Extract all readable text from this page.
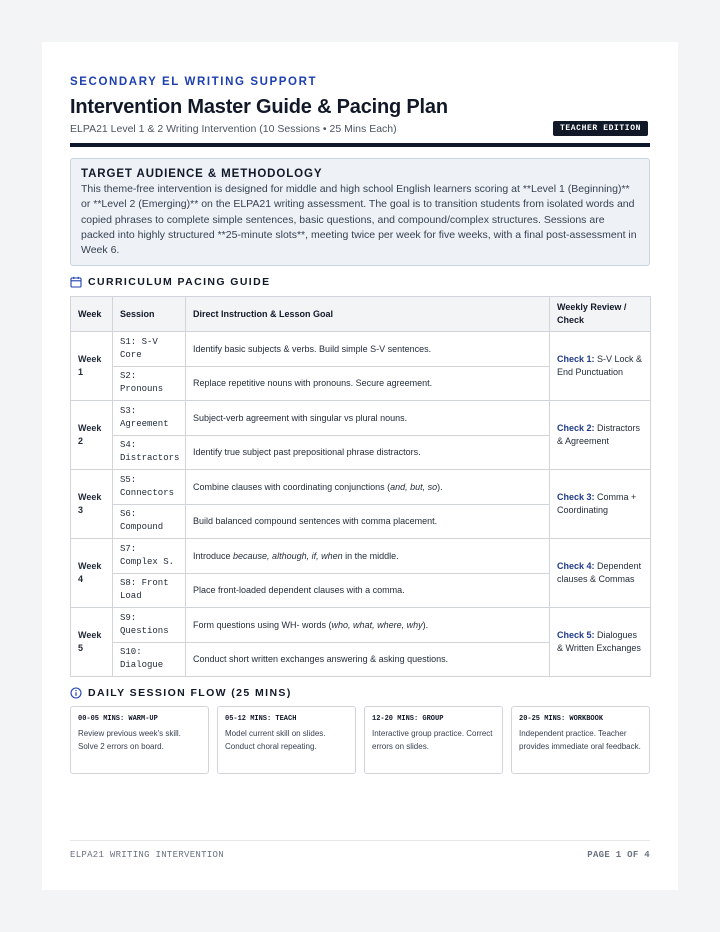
SECONDARY EL WRITING SUPPORT
Intervention Master Guide & Pacing Plan
ELPA21 Level 1 & 2 Writing Intervention (10 Sessions • 25 Mins Each)	TEACHER EDITION
TARGET AUDIENCE & METHODOLOGY

This theme-free intervention is designed for middle and high school English learners scoring at **Level 1 (Beginning)** or **Level 2 (Emerging)** on the ELPA21 writing assessment. The goal is to transition students from isolated words and copied phrases to complete simple sentences, basic questions, and compound/complex structures. Sessions are packed into highly structured **25-minute slots**, meeting twice per week for five weeks, with a final post-assessment in Week 6.

CURRICULUM PACING GUIDE
Week	Session	Direct Instruction & Lesson Goal	Weekly Review / Check
Week 1	S1: S-V Core	Identify basic subjects & verbs. Build simple S-V sentences.	Check 1: S-V Lock & End Punctuation
	S2: Pronouns	Replace repetitive nouns with pronouns. Secure agreement.	
Week 2	S3: Agreement	Subject-verb agreement with singular vs plural nouns.	Check 2: Distractors & Agreement
	S4: Distractors	Identify true subject past prepositional phrase distractors.	
Week 3	S5: Connectors	Combine clauses with coordinating conjunctions (and, but, so).	Check 3: Comma + Coordinating
	S6: Compound	Build balanced compound sentences with comma placement.	
Week 4	S7: Complex S.	Introduce because, although, if, when in the middle.	Check 4: Dependent clauses & Commas
	S8: Front Load	Place front-loaded dependent clauses with a comma.	
Week 5	S9: Questions	Form questions using WH- words (who, what, where, why).	Check 5: Dialogues & Written Exchanges
	S10: Dialogue	Conduct short written exchanges answering & asking questions.	
DAILY SESSION FLOW (25 MINS)
00-05 MINS: WARM-UP
Review previous week's skill. Solve 2 errors on board.
05-12 MINS: TEACH
Model current skill on slides. Conduct choral repeating.
12-20 MINS: GROUP
Interactive group practice. Correct errors on slides.
20-25 MINS: WORKBOOK
Independent practice. Teacher provides immediate oral feedback.
ELPA21 WRITING INTERVENTION	PAGE 1 OF 4
